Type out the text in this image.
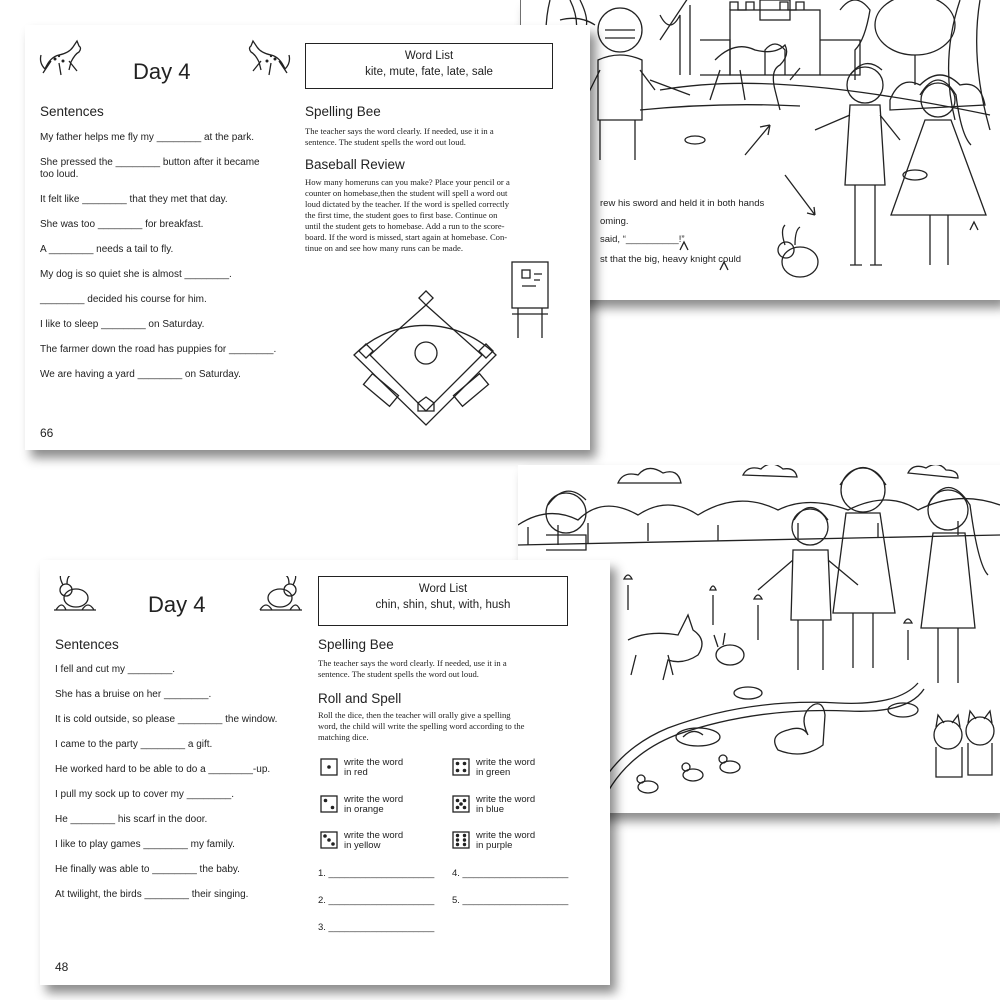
rew his sword and held it in both hands
oming.
said, “__________!”
st that the big, heavy knight could
Day 4
Word List
kite, mute, fate, late, sale
Sentences
My father helps me fly my ________ at the park.
She pressed the ________ button after it became
too loud.
It felt like ________ that they met that day.
She was too ________ for breakfast.
A ________ needs a tail to fly.
My dog is so quiet she is almost ________.
________ decided his course for him.
I like to sleep ________ on Saturday.
The farmer down the road has puppies for ________.
We are having a yard ________ on Saturday.
Spelling Bee
The teacher says the word clearly. If needed, use it in a
sentence. The student spells the word out loud.
Baseball Review
How many homeruns can you make? Place your pencil or a
counter on homebase,then the student will spell a word out
loud dictated by the teacher. If the word is spelled correctly
the first time, the student goes to first base. Continue on
until the student gets to homebase. Add a run to the score-
board. If the word is missed, start again at homebase. Con-
tinue on and see how many runs can be made.
66
Day 4
Word List
chin, shin, shut, with, hush
Sentences
I fell and cut my ________.
She has a bruise on her ________.
It is cold outside, so please ________ the window.
I came to the party ________ a gift.
He worked hard to be able to do a ________-up.
I pull my sock up to cover my ________.
He ________ his scarf in the door.
I like to play games ________ my family.
He finally was able to ________ the baby.
At twilight, the birds ________ their singing.
Spelling Bee
The teacher says the word clearly. If needed, use it in a
sentence. The student spells the word out loud.
Roll and Spell
Roll the dice, then the teacher will orally give a spelling
word, the child will write the spelling word according to the
matching dice.
write the word
in red
write the word
in green
write the word
in orange
write the word
in blue
write the word
in yellow
write the word
in purple
1. ____________________ 4. ____________________
2. ____________________ 5. ____________________
3. ____________________
48
